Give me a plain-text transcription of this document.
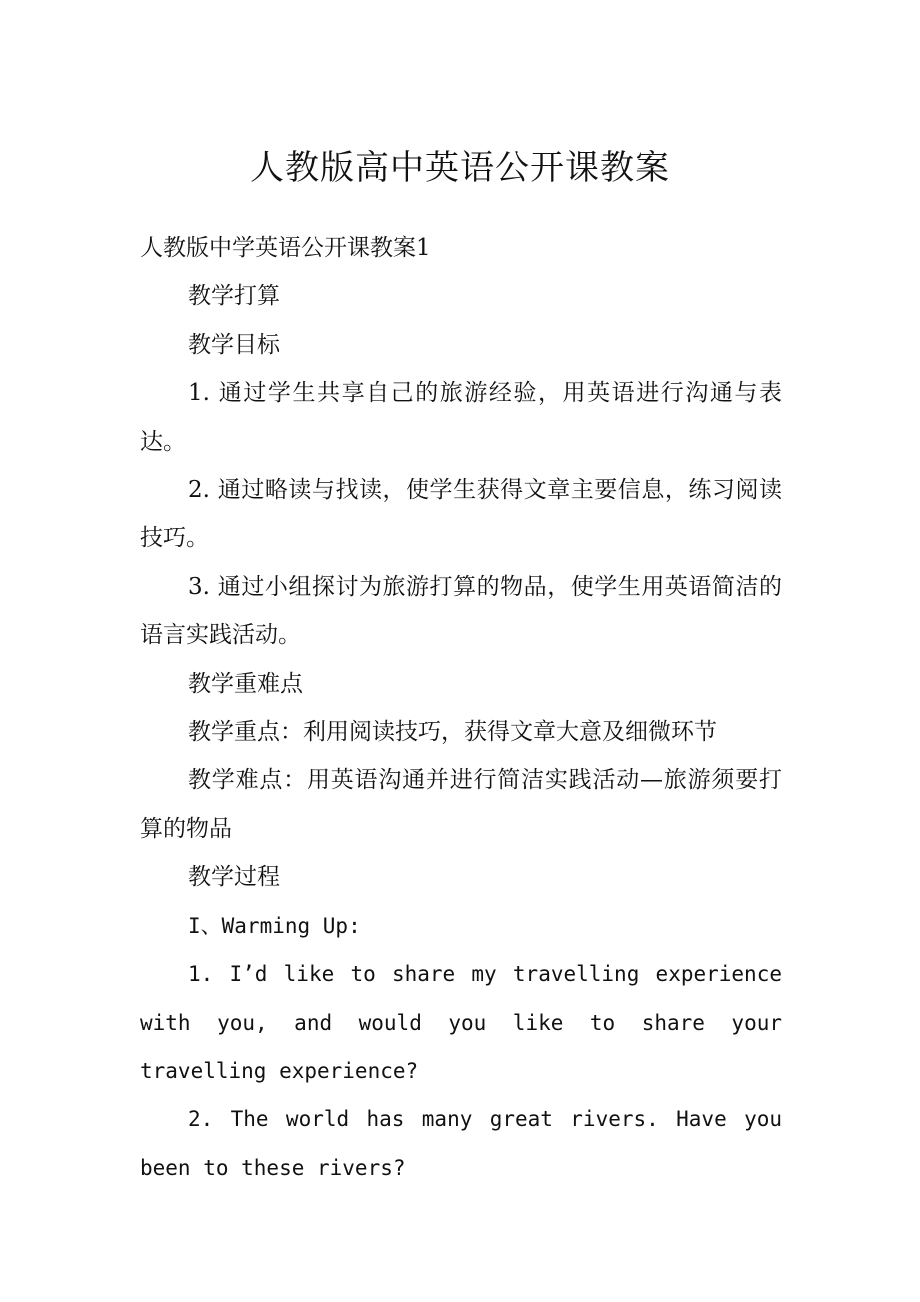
人教版高中英语公开课教案

人教版中学英语公开课教案1

教学打算

教学目标

1. 通过学生共享自己的旅游经验，用英语进行沟通与表达。

2. 通过略读与找读，使学生获得文章主要信息，练习阅读技巧。

3. 通过小组探讨为旅游打算的物品，使学生用英语简洁的语言实践活动。

教学重难点

教学重点：利用阅读技巧，获得文章大意及细微环节

教学难点：用英语沟通并进行简洁实践活动—旅游须要打算的物品

教学过程

I、Warming Up:

1. I’d like to share my travelling experience with you, and would you like to share your travelling experience?

2. The world has many great rivers. Have you been to these rivers?
